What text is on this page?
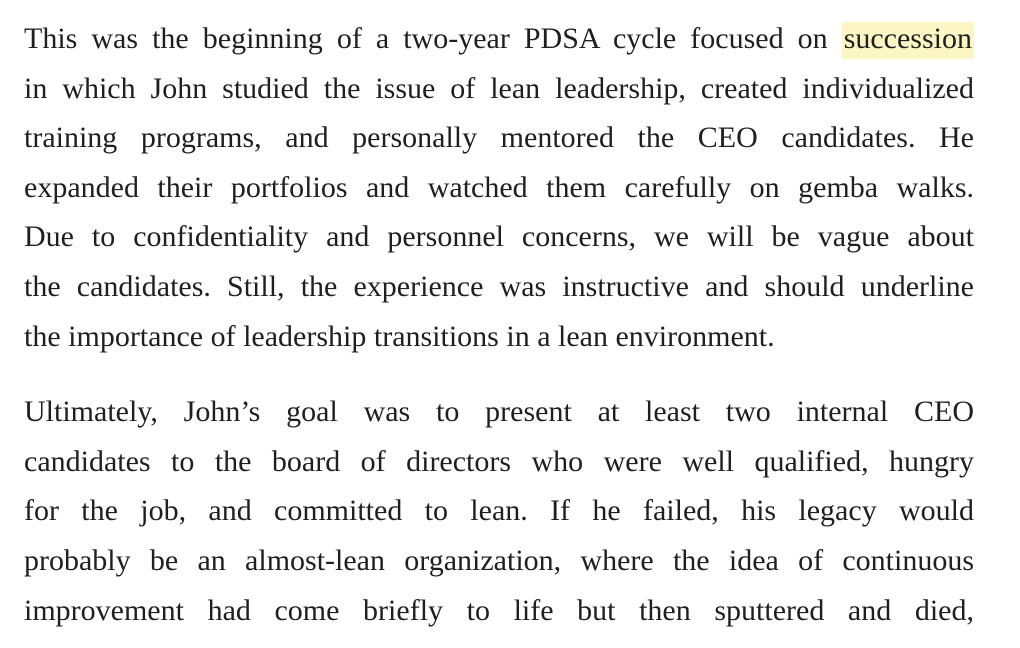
This was the beginning of a two-year PDSA cycle focused on succession
in which John studied the issue of lean leadership, created individualized
training programs, and personally mentored the CEO candidates. He
expanded their portfolios and watched them carefully on gemba walks.
Due to confidentiality and personnel concerns, we will be vague about
the candidates. Still, the experience was instructive and should underline
the importance of leadership transitions in a lean environment.
Ultimately, John’s goal was to present at least two internal CEO
candidates to the board of directors who were well qualified, hungry
for the job, and committed to lean. If he failed, his legacy would
probably be an almost-lean organization, where the idea of continuous
improvement had come briefly to life but then sputtered and died,
